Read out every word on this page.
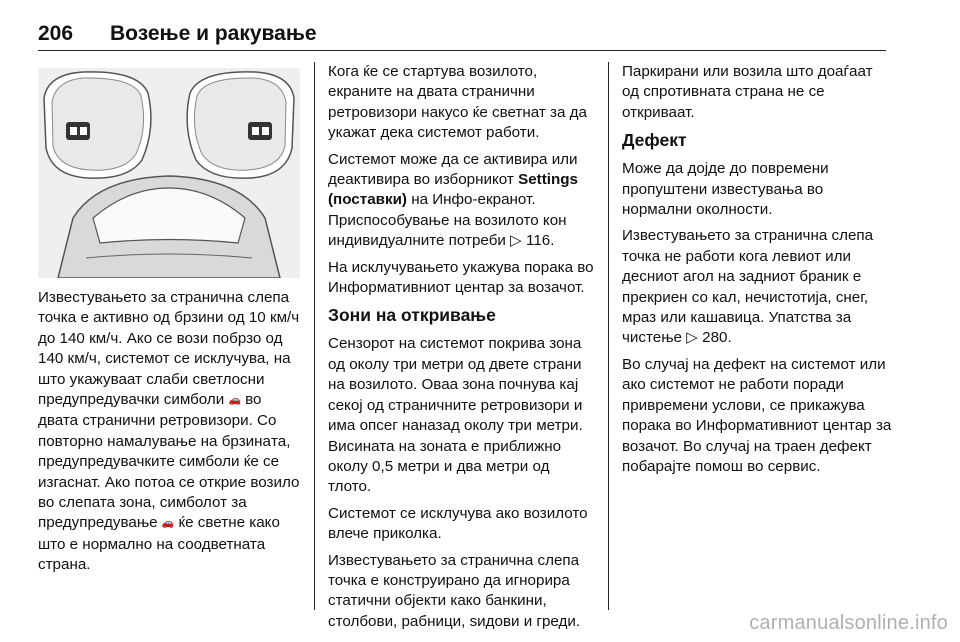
206 Возење и ракување

Известувањето за странична слепа точка е активно од брзини од 10 км/ч до 140 км/ч. Ако се вози побрзо од 140 км/ч, системот се исклучува, на што укажуваат слаби светлосни предупредувачки симболи 🚗 во двата странични ретровизори. Со повторно намалување на брзинaта, предупредувачките симболи ќе се изгаснат. Ако потоа се открие возило во слепата зона, симболот за предупредување 🚗 ќе светне како што е нормално на соодветната страна.

Кога ќе се стартува возилото, екраните на двата странични ретровизори накусо ќе светнат за да укажат дека системот работи.

Системот може да се активира или деактивира во изборникот Settings (поставки) на Инфо-екранот. Приспособување на возилото кон индивидуалните потреби ▷ 116.

На исклучувањето укажува порака во Информативниот центар за возачот.

Зони на откривање

Сензорот на системот покрива зона од околу три метри од двете страни на возилото. Оваа зона почнува кај секој од страничните ретровизори и има опсег наназад околу три метри. Висината на зоната е приближно околу 0,5 метри и два метри од тлото.

Системот се исклучува ако возилото влече приколка.

Известувањето за странична слепа точка е конструирано да игнорира статични објекти како банкини, столбови, рабници, ѕидови и греди.

Паркирани или возила што доаѓаат од спротивната страна не се откриваат.

Дефект

Може да дојде до повремени пропуштени известувања во нормални околности.

Известувањето за странична слепа точка не работи кога левиот или десниот агол на задниот браник е прекриен со кал, нечистотија, снег, мраз или кашавица. Упатства за чистење ▷ 280.

Во случај на дефект на системот или ако системот не работи поради привремени услови, се прикажува порака во Информативниот центар за возачот. Во случај на траен дефект побарајте помош во сервис.

carmanualsonline.info
